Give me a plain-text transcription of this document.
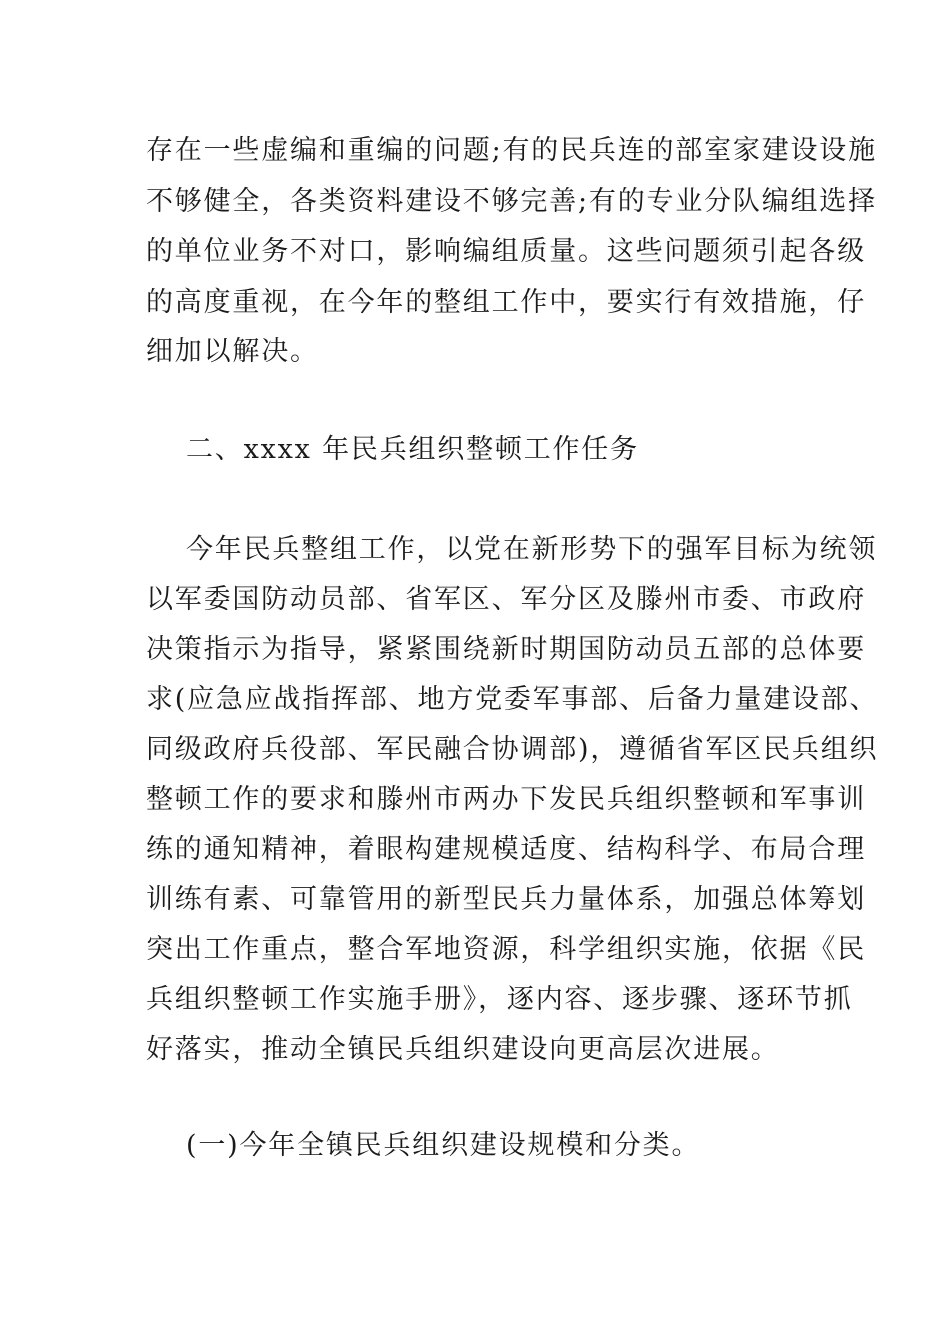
存在一些虚编和重编的问题;有的民兵连的部室家建设设施
不够健全，各类资料建设不够完善;有的专业分队编组选择
的单位业务不对口，影响编组质量。这些问题须引起各级
的高度重视，在今年的整组工作中，要实行有效措施，仔
细加以解决。
二、xxxx 年民兵组织整顿工作任务
今年民兵整组工作，以党在新形势下的强军目标为统领
以军委国防动员部、省军区、军分区及滕州市委、市政府
决策指示为指导，紧紧围绕新时期国防动员五部的总体要
求(应急应战指挥部、地方党委军事部、后备力量建设部、
同级政府兵役部、军民融合协调部)，遵循省军区民兵组织
整顿工作的要求和滕州市两办下发民兵组织整顿和军事训
练的通知精神，着眼构建规模适度、结构科学、布局合理
训练有素、可靠管用的新型民兵力量体系，加强总体筹划
突出工作重点，整合军地资源，科学组织实施，依据《民
兵组织整顿工作实施手册》，逐内容、逐步骤、逐环节抓
好落实，推动全镇民兵组织建设向更高层次进展。
(一)今年全镇民兵组织建设规模和分类。
